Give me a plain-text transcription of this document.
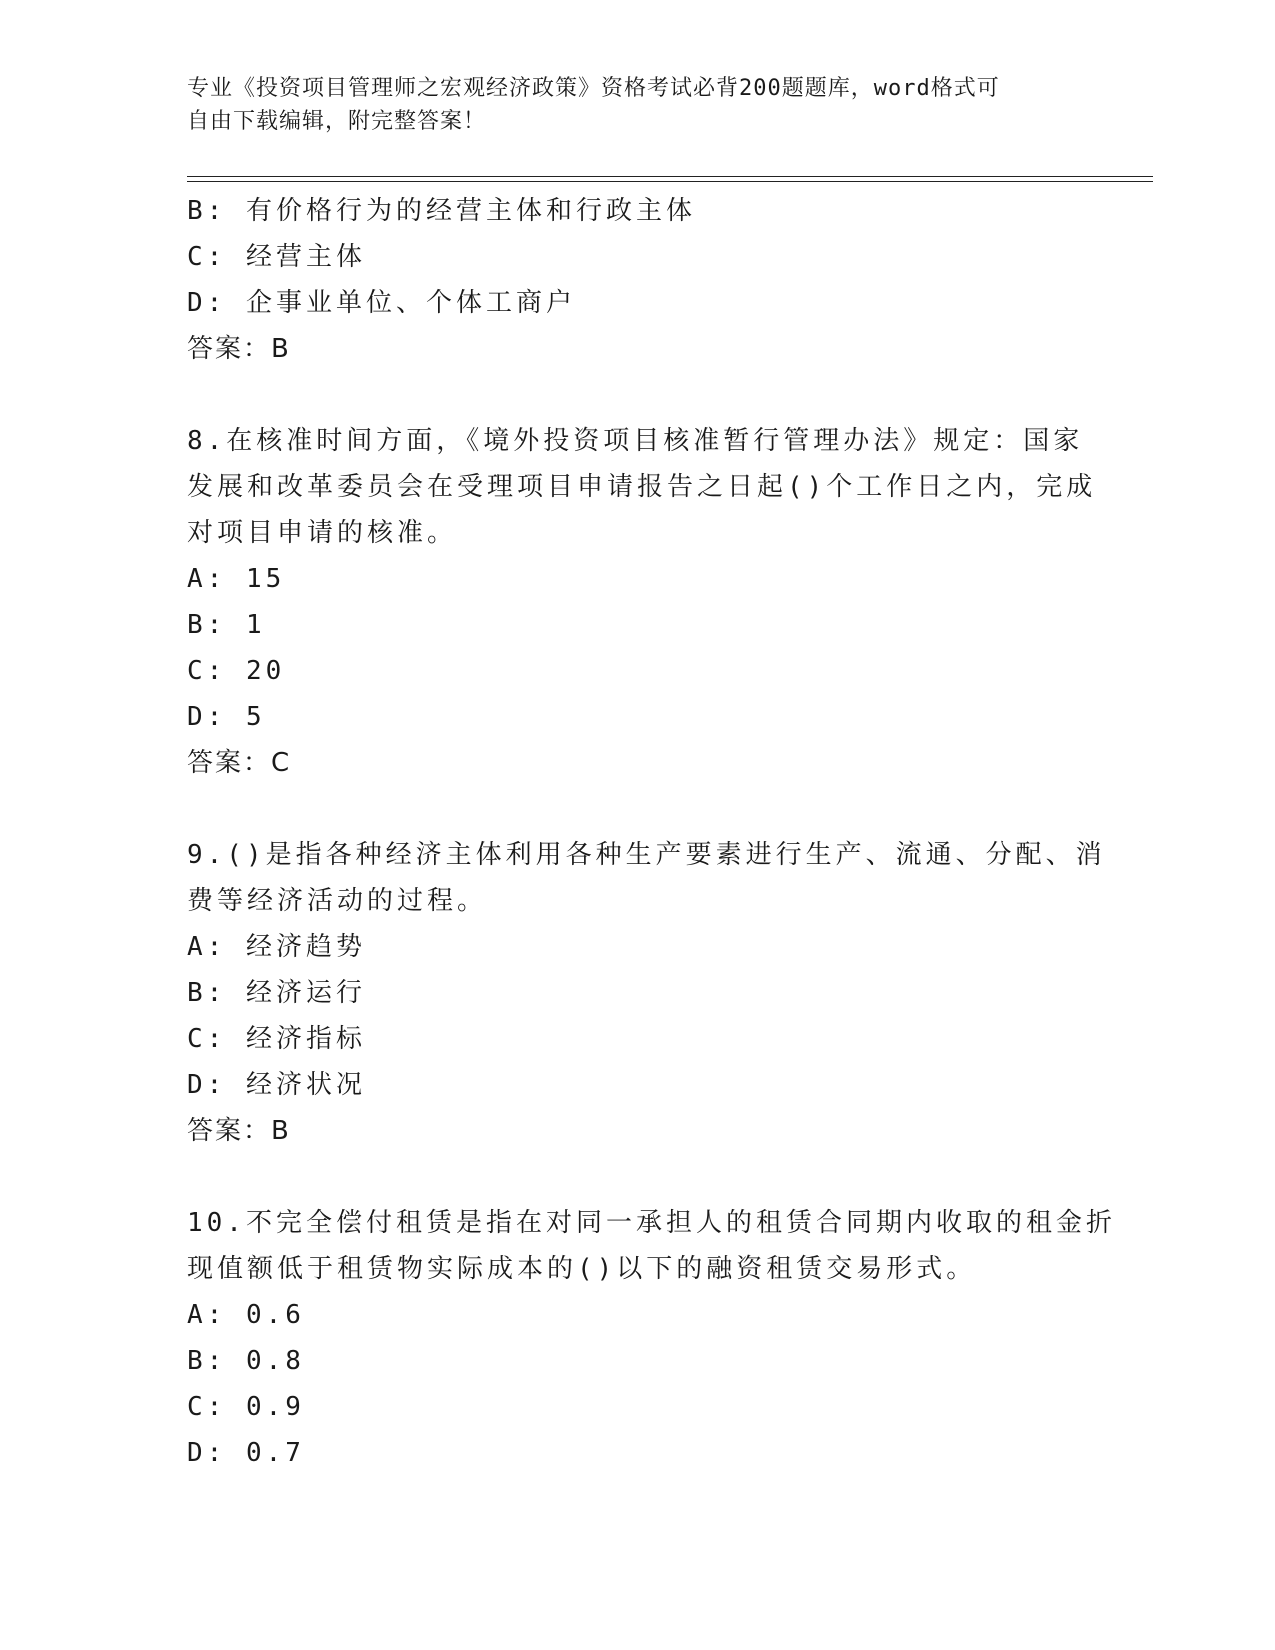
专业《投资项目管理师之宏观经济政策》资格考试必背200题题库，word格式可
自由下载编辑，附完整答案！
B: 有价格行为的经营主体和行政主体
C: 经营主体
D: 企事业单位、个体工商户
答案：B
8.在核准时间方面，《境外投资项目核准暂行管理办法》规定：国家
发展和改革委员会在受理项目申请报告之日起()个工作日之内，完成
对项目申请的核准。
A: 15
B: 1
C: 20
D: 5
答案：C
9.()是指各种经济主体利用各种生产要素进行生产、流通、分配、消
费等经济活动的过程。
A: 经济趋势
B: 经济运行
C: 经济指标
D: 经济状况
答案：B
10.不完全偿付租赁是指在对同一承担人的租赁合同期内收取的租金折
现值额低于租赁物实际成本的()以下的融资租赁交易形式。
A: 0.6
B: 0.8
C: 0.9
D: 0.7
